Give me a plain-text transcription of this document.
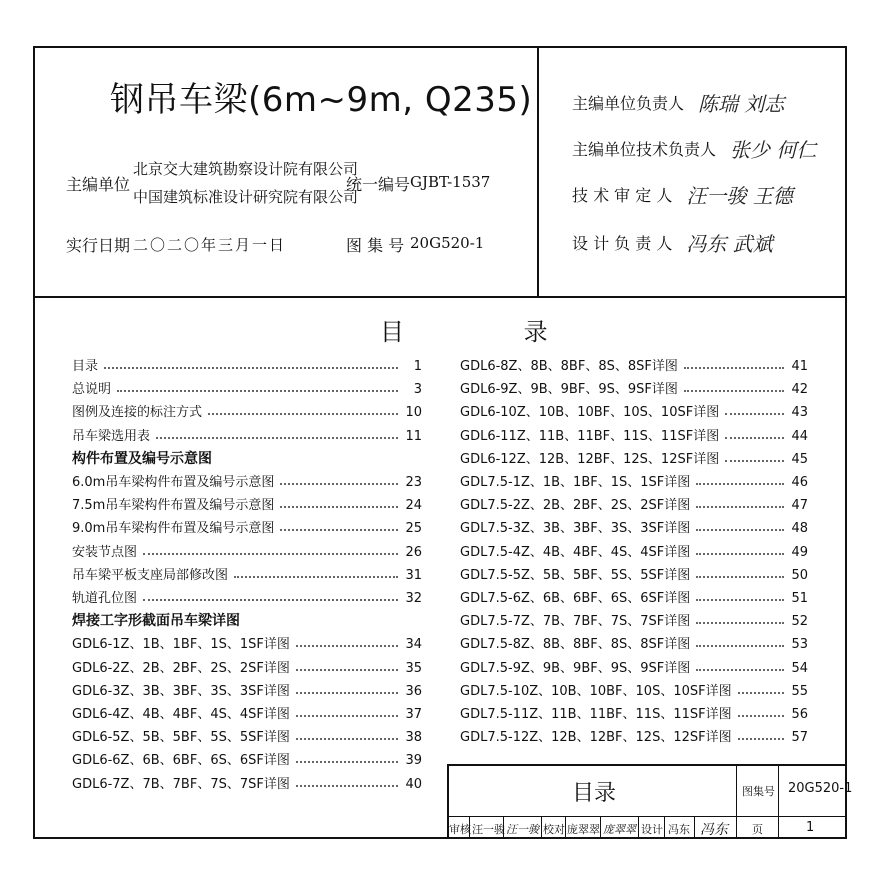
钢吊车梁(6m~9m, Q235)
主编单位
北京交大建筑勘察设计院有限公司
中国建筑标准设计研究院有限公司
统一编号 GJBT-1537
实行日期 二〇二〇年三月一日	图 集 号 20G520-1
主编单位负责人 陈瑞 刘志
主编单位技术负责人 张少 何仁
技 术 审 定 人 汪一骏 王德
设 计 负 责 人 冯东 武斌
目 录
目录	1
总说明	3
图例及连接的标注方式	10
吊车梁选用表	11
构件布置及编号示意图
6.0m吊车梁构件布置及编号示意图	23
7.5m吊车梁构件布置及编号示意图	24
9.0m吊车梁构件布置及编号示意图	25
安装节点图	26
吊车梁平板支座局部修改图	31
轨道孔位图	32
焊接工字形截面吊车梁详图
GDL6-1Z、1B、1BF、1S、1SF详图	34
GDL6-2Z、2B、2BF、2S、2SF详图	35
GDL6-3Z、3B、3BF、3S、3SF详图	36
GDL6-4Z、4B、4BF、4S、4SF详图	37
GDL6-5Z、5B、5BF、5S、5SF详图	38
GDL6-6Z、6B、6BF、6S、6SF详图	39
GDL6-7Z、7B、7BF、7S、7SF详图	40
GDL6-8Z、8B、8BF、8S、8SF详图	41
GDL6-9Z、9B、9BF、9S、9SF详图	42
GDL6-10Z、10B、10BF、10S、10SF详图	43
GDL6-11Z、11B、11BF、11S、11SF详图	44
GDL6-12Z、12B、12BF、12S、12SF详图	45
GDL7.5-1Z、1B、1BF、1S、1SF详图	46
GDL7.5-2Z、2B、2BF、2S、2SF详图	47
GDL7.5-3Z、3B、3BF、3S、3SF详图	48
GDL7.5-4Z、4B、4BF、4S、4SF详图	49
GDL7.5-5Z、5B、5BF、5S、5SF详图	50
GDL7.5-6Z、6B、6BF、6S、6SF详图	51
GDL7.5-7Z、7B、7BF、7S、7SF详图	52
GDL7.5-8Z、8B、8BF、8S、8SF详图	53
GDL7.5-9Z、9B、9BF、9S、9SF详图	54
GDL7.5-10Z、10B、10BF、10S、10SF详图	55
GDL7.5-11Z、11B、11BF、11S、11SF详图	56
GDL7.5-12Z、12B、12BF、12S、12SF详图	57
目录	图集号 20G520-1
审核 汪一骏 汪一骏 校对 庞翠翠 庞翠翠 设计 冯东 冯东 页	1
